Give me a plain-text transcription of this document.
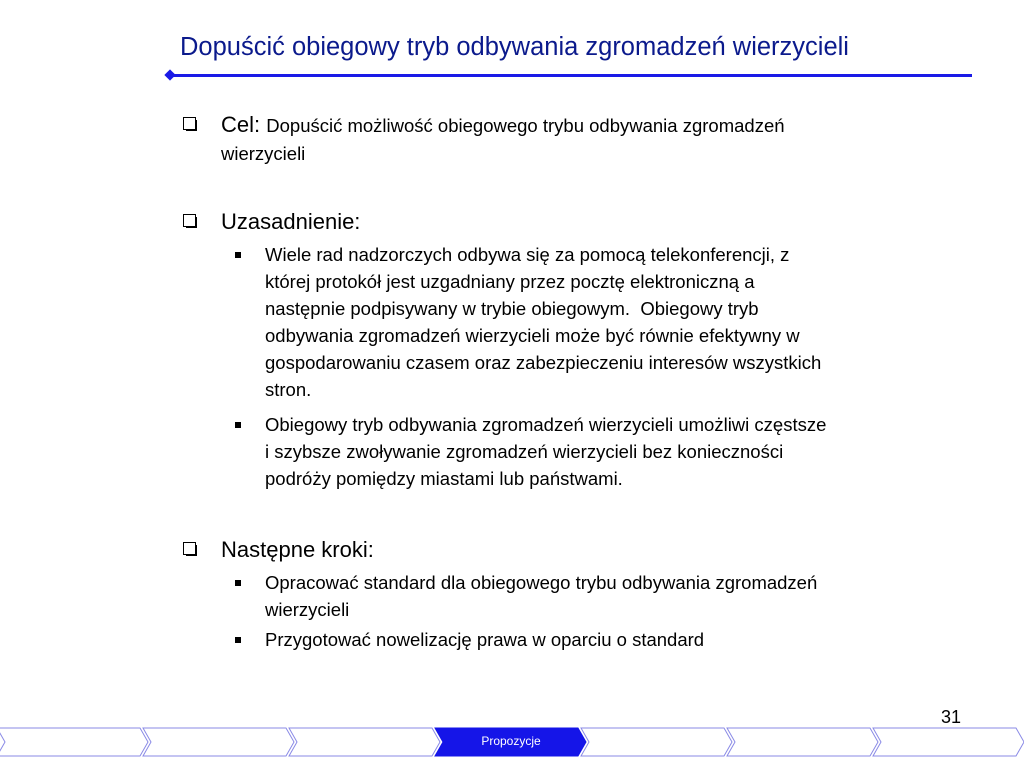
Dopuścić obiegowy tryb odbywania zgromadzeń wierzycieli
Cel: Dopuścić możliwość obiegowego trybu odbywania zgromadzeń
wierzycieli
Uzasadnienie:
Wiele rad nadzorczych odbywa się za pomocą telekonferencji, z
której protokół jest uzgadniany przez pocztę elektroniczną a
następnie podpisywany w trybie obiegowym.  Obiegowy tryb
odbywania zgromadzeń wierzycieli może być równie efektywny w
gospodarowaniu czasem oraz zabezpieczeniu interesów wszystkich
stron.
Obiegowy tryb odbywania zgromadzeń wierzycieli umożliwi częstsze
i szybsze zwoływanie zgromadzeń wierzycieli bez konieczności
podróży pomiędzy miastami lub państwami.
Następne kroki:
Opracować standard dla obiegowego trybu odbywania zgromadzeń
wierzycieli
Przygotować nowelizację prawa w oparciu o standard
31
Propozycje
